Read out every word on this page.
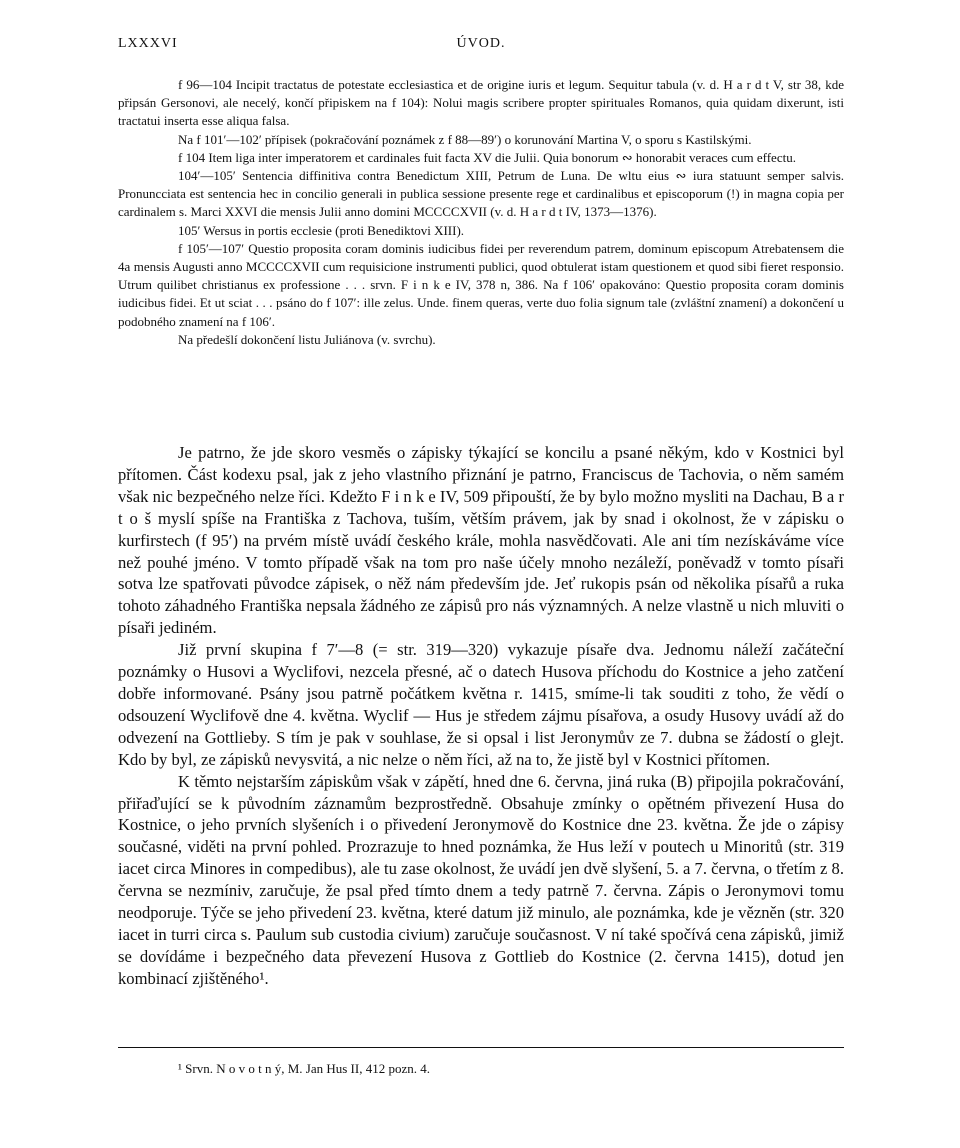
LXXXVI	ÚVOD.

f 96—104 Incipit tractatus de potestate ecclesiastica et de origine iuris et legum. Sequitur tabula (v. d. H a r d t V, str 38, kde připsán Gersonovi, ale necelý, končí připiskem na f 104): Nolui magis scribere propter spirituales Romanos, quia quidam dixerunt, isti tractatui inserta esse aliqua falsa.

Na f 101′—102′ přípisek (pokračování poznámek z f 88—89′) o korunování Martina V, o sporu s Kastilskými.

f 104 Item liga inter imperatorem et cardinales fuit facta XV die Julii. Quia bonorum ∾ honorabit veraces cum effectu.

104′—105′ Sentencia diffinitiva contra Benedictum XIII, Petrum de Luna. De wltu eius ∾ iura statuunt semper salvis. Pronuncciata est sentencia hec in concilio generali in publica sessione presente rege et cardinalibus et episcoporum (!) in magna copia per cardinalem s. Marci XXVI die mensis Julii anno domini MCCCCXVII (v. d. H a r d t IV, 1373—1376).

105′ Wersus in portis ecclesie (proti Benediktovi XIII).

f 105′—107′ Questio proposita coram dominis iudicibus fidei per reverendum patrem, dominum episcopum Atrebatensem die 4a mensis Augusti anno MCCCCXVII cum requisicione instrumenti publici, quod obtulerat istam questionem et quod sibi fieret responsio. Utrum quilibet christianus ex professione . . . srvn. F i n k e IV, 378 n, 386. Na f 106′ opakováno: Questio proposita coram dominis iudicibus fidei. Et ut sciat . . . psáno do f 107′: ille zelus. Unde. finem queras, verte duo folia signum tale (zvláštní znamení) a dokončení u podobného znamení na f 106′.

Na předešlí dokončení listu Juliánova (v. svrchu).

Je patrno, že jde skoro vesměs o zápisky týkající se koncilu a psané někým, kdo v Kostnici byl přítomen. Část kodexu psal, jak z jeho vlastního přiznání je patrno, Franciscus de Tachovia, o něm samém však nic bezpečného nelze říci. Kdežto F i n k e IV, 509 připouští, že by bylo možno mysliti na Dachau, B a r t o š myslí spíše na Františka z Tachova, tuším, větším právem, jak by snad i okolnost, že v zápisku o kurfirstech (f 95′) na prvém místě uvádí českého krále, mohla nasvědčovati. Ale ani tím nezískáváme více než pouhé jméno. V tomto případě však na tom pro naše účely mnoho nezáleží, poněvadž v tomto písaři sotva lze spatřovati původce zápisek, o něž nám především jde. Jeť rukopis psán od několika písařů a ruka tohoto záhadného Františka nepsala žádného ze zápisů pro nás významných. A nelze vlastně u nich mluviti o písaři jediném.

Již první skupina f 7′—8 (= str. 319—320) vykazuje písaře dva. Jednomu náleží začáteční poznámky o Husovi a Wyclifovi, nezcela přesné, ač o datech Husova příchodu do Kostnice a jeho zatčení dobře informované. Psány jsou patrně počátkem května r. 1415, smíme-li tak souditi z toho, že vědí o odsouzení Wyclifově dne 4. května. Wyclif — Hus je středem zájmu písařova, a osudy Husovy uvádí až do odvezení na Gottlieby. S tím je pak v souhlase, že si opsal i list Jeronymův ze 7. dubna se žádostí o glejt. Kdo by byl, ze zápisků nevysvitá, a nic nelze o něm říci, až na to, že jistě byl v Kostnici přítomen.

K těmto nejstarším zápiskům však v zápětí, hned dne 6. června, jiná ruka (B) připojila pokračování, přiřaďující se k původním záznamům bezprostředně. Obsahuje zmínky o opětném přivezení Husa do Kostnice, o jeho prvních slyšeních i o přivedení Jeronymově do Kostnice dne 23. května. Že jde o zápisy současné, viděti na první pohled. Prozrazuje to hned poznámka, že Hus leží v poutech u Minoritů (str. 319 iacet circa Minores in compedibus), ale tu zase okolnost, že uvádí jen dvě slyšení, 5. a 7. června, o třetím z 8. června se nezmíniv, zaručuje, že psal před tímto dnem a tedy patrně 7. června. Zápis o Jeronymovi tomu neodporuje. Týče se jeho přivedení 23. května, které datum již minulo, ale poznámka, kde je vězněn (str. 320 iacet in turri circa s. Paulum sub custodia civium) zaručuje současnost. V ní také spočívá cena zápisků, jimiž se dovídáme i bezpečného data převezení Husova z Gottlieb do Kostnice (2. června 1415), dotud jen kombinací zjištěného¹.

¹ Srvn. N o v o t n ý, M. Jan Hus II, 412 pozn. 4.
